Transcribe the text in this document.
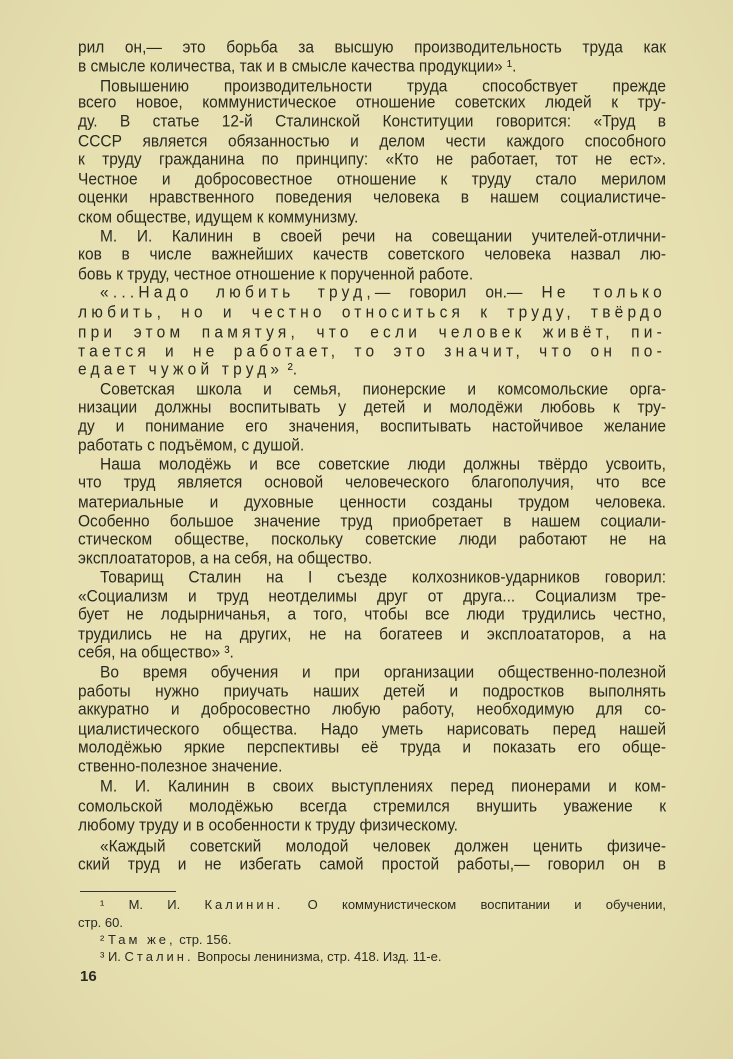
рил он,— это борьба за высшую производительность труда как
в смысле количества, так и в смысле качества продукции» ¹.
Повышению производительности труда способствует прежде
всего новое, коммунистическое отношение советских людей к тру-
ду. В статье 12-й Сталинской Конституции говорится: «Труд в
СССР является обязанностью и делом чести каждого способного
к труду гражданина по принципу: «Кто не работает, тот не ест».
Честное и добросовестное отношение к труду стало мерилом
оценки нравственного поведения человека в нашем социалистиче-
ском обществе, идущем к коммунизму.
М. И. Калинин в своей речи на совещании учителей-отлични-
ков в числе важнейших качеств советского человека назвал лю-
бовь к труду, честное отношение к порученной работе.
«...Надо любить труд,— говорил он.— Не только
любить, но и честно относиться к труду, твёрдо
при этом памятуя, что если человек живёт, пи-
тается и не работает, то это значит, что он по-
едает чужой труд» ².
Советская школа и семья, пионерские и комсомольские орга-
низации должны воспитывать у детей и молодёжи любовь к тру-
ду и понимание его значения, воспитывать настойчивое желание
работать с подъёмом, с душой.
Наша молодёжь и все советские люди должны твёрдо усвоить,
что труд является основой человеческого благополучия, что все
материальные и духовные ценности созданы трудом человека.
Особенно большое значение труд приобретает в нашем социали-
стическом обществе, поскольку советские люди работают не на
эксплоататоров, а на себя, на общество.
Товарищ Сталин на I съезде колхозников-ударников говорил:
«Социализм и труд неотделимы друг от друга... Социализм тре-
бует не лодырничанья, а того, чтобы все люди трудились честно,
трудились не на других, не на богатеев и эксплоататоров, а на
себя, на общество» ³.
Во время обучения и при организации общественно-полезной
работы нужно приучать наших детей и подростков выполнять
аккуратно и добросовестно любую работу, необходимую для со-
циалистического общества. Надо уметь нарисовать перед нашей
молодёжью яркие перспективы её труда и показать его обще-
ственно-полезное значение.
М. И. Калинин в своих выступлениях перед пионерами и ком-
сомольской молодёжью всегда стремился внушить уважение к
любому труду и в особенности к труду физическому.
«Каждый советский молодой человек должен ценить физиче-
ский труд и не избегать самой простой работы,— говорил он в
¹ М. И. Калинин. О коммунистическом воспитании и обучении,
стр. 60.
² Там же, стр. 156.
³ И. Сталин. Вопросы ленинизма, стр. 418. Изд. 11-е.
16
